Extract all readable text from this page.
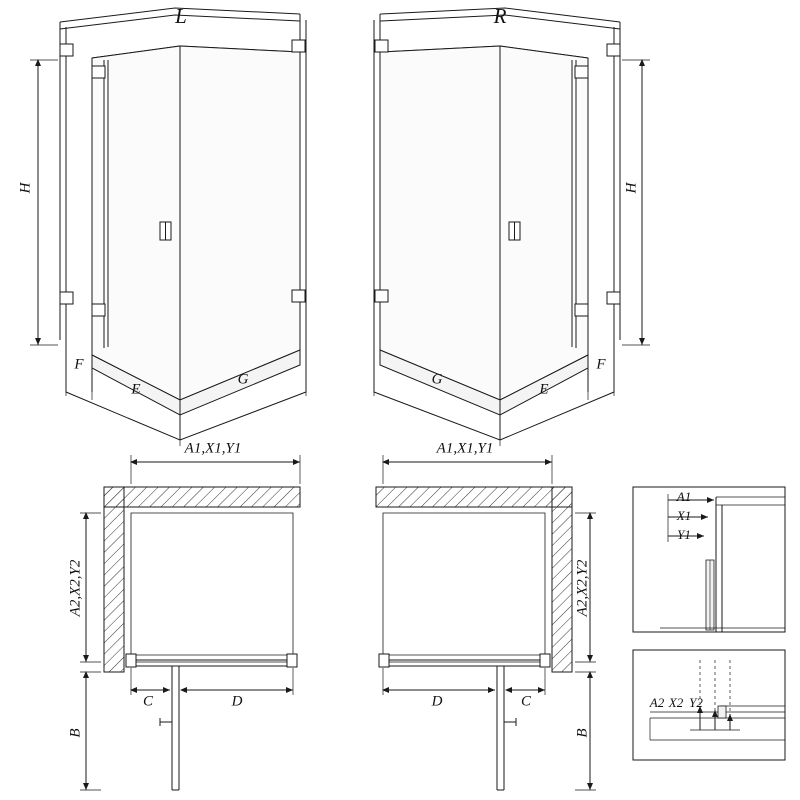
L	R
H	H
F
E
G	G
E
F
A1,X1,Y1	A1,X1,Y1
A2,X2,Y2	A2,X2,Y2
B	B
C	D	D	C
A1
X1
Y1
A2 X2 Y2
